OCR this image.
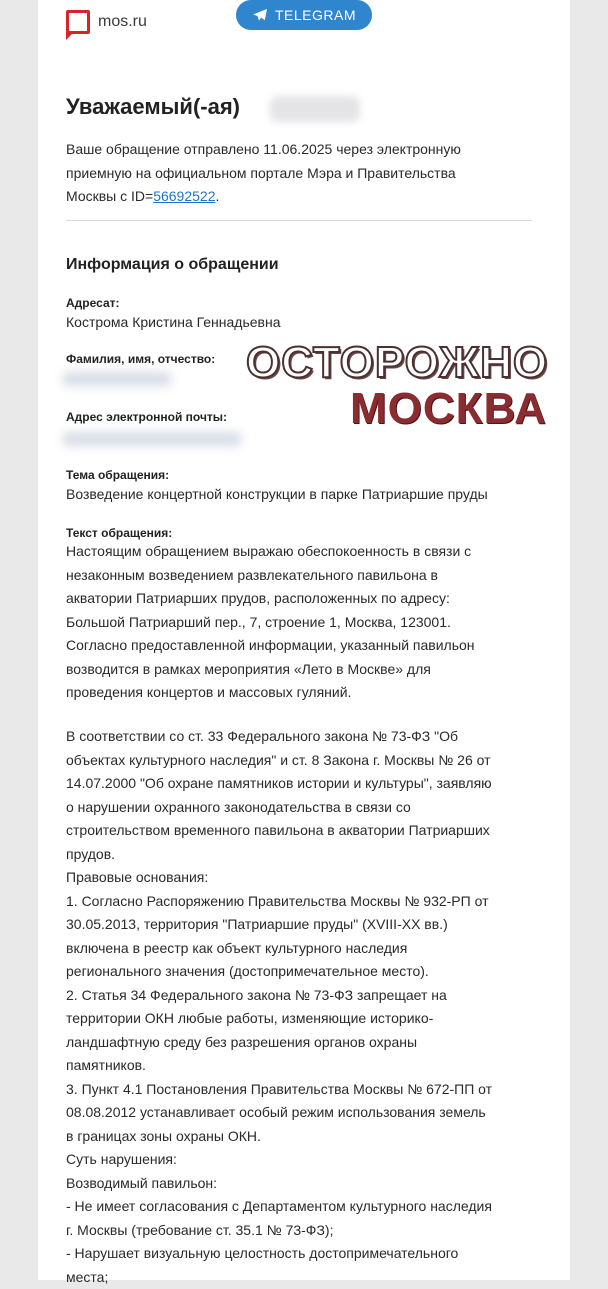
mos.ru	TELEGRAM
Уважаемый(-ая)
Ваше обращение отправлено 11.06.2025 через электронную
приемную на официальном портале Мэра и Правительства
Москвы с ID=56692522.
Информация о обращении
Адресат:
Кострома Кристина Геннадьевна
Фамилия, имя, отчество:
Адрес электронной почты:
Тема обращения:
Возведение концертной конструкции в парке Патриаршие пруды
Текст обращения:
Настоящим обращением выражаю обеспокоенность в связи с
незаконным возведением развлекательного павильона в
акватории Патриарших прудов, расположенных по адресу:
Большой Патриарший пер., 7, строение 1, Москва, 123001.
Согласно предоставленной информации, указанный павильон
возводится в рамках мероприятия «Лето в Москве» для
проведения концертов и массовых гуляний.
В соответствии со ст. 33 Федерального закона № 73-ФЗ "Об
объектах культурного наследия" и ст. 8 Закона г. Москвы № 26 от
14.07.2000 "Об охране памятников истории и культуры", заявляю
о нарушении охранного законодательства в связи со
строительством временного павильона в акватории Патриарших
прудов.
Правовые основания:
1. Согласно Распоряжению Правительства Москвы № 932-РП от
30.05.2013, территория "Патриаршие пруды" (XVIII-XX вв.)
включена в реестр как объект культурного наследия
регионального значения (достопримечательное место).
2. Статья 34 Федерального закона № 73-ФЗ запрещает на
территории ОКН любые работы, изменяющие историко-
ландшафтную среду без разрешения органов охраны
памятников.
3. Пункт 4.1 Постановления Правительства Москвы № 672-ПП от
08.08.2012 устанавливает особый режим использования земель
в границах зоны охраны ОКН.
Суть нарушения:
Возводимый павильон:
- Не имеет согласования с Департаментом культурного наследия
г. Москвы (требование ст. 35.1 № 73-ФЗ);
- Нарушает визуальную целостность достопримечательного
места;
ОСТОРОЖНО
МОСКВА
